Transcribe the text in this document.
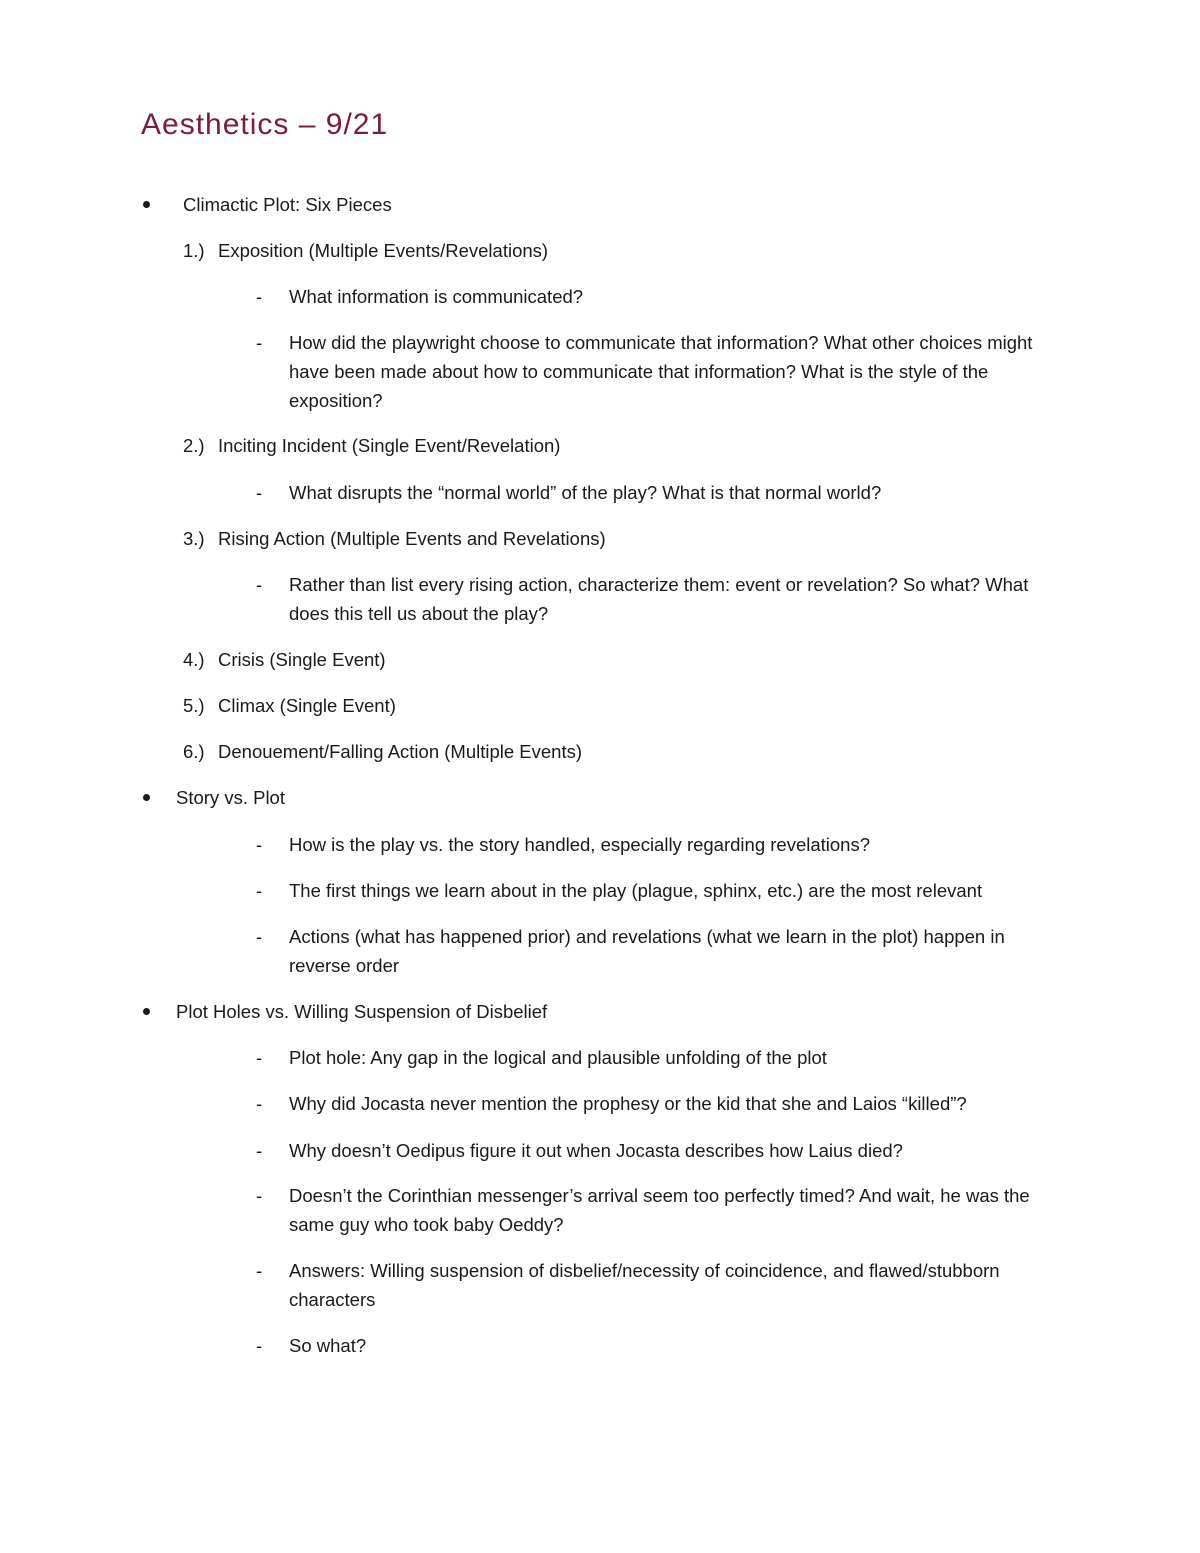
Aesthetics – 9/21
Climactic Plot: Six Pieces
1.) Exposition (Multiple Events/Revelations)
- What information is communicated?
- How did the playwright choose to communicate that information? What other choices might have been made about how to communicate that information? What is the style of the exposition?
2.) Inciting Incident (Single Event/Revelation)
- What disrupts the “normal world” of the play? What is that normal world?
3.) Rising Action (Multiple Events and Revelations)
- Rather than list every rising action, characterize them: event or revelation? So what? What does this tell us about the play?
4.) Crisis (Single Event)
5.) Climax (Single Event)
6.) Denouement/Falling Action (Multiple Events)
Story vs. Plot
- How is the play vs. the story handled, especially regarding revelations?
- The first things we learn about in the play (plague, sphinx, etc.) are the most relevant
- Actions (what has happened prior) and revelations (what we learn in the plot) happen in reverse order
Plot Holes vs. Willing Suspension of Disbelief
- Plot hole: Any gap in the logical and plausible unfolding of the plot
- Why did Jocasta never mention the prophesy or the kid that she and Laios “killed”?
- Why doesn’t Oedipus figure it out when Jocasta describes how Laius died?
- Doesn’t the Corinthian messenger’s arrival seem too perfectly timed? And wait, he was the same guy who took baby Oeddy?
- Answers: Willing suspension of disbelief/necessity of coincidence, and flawed/stubborn characters
- So what?
